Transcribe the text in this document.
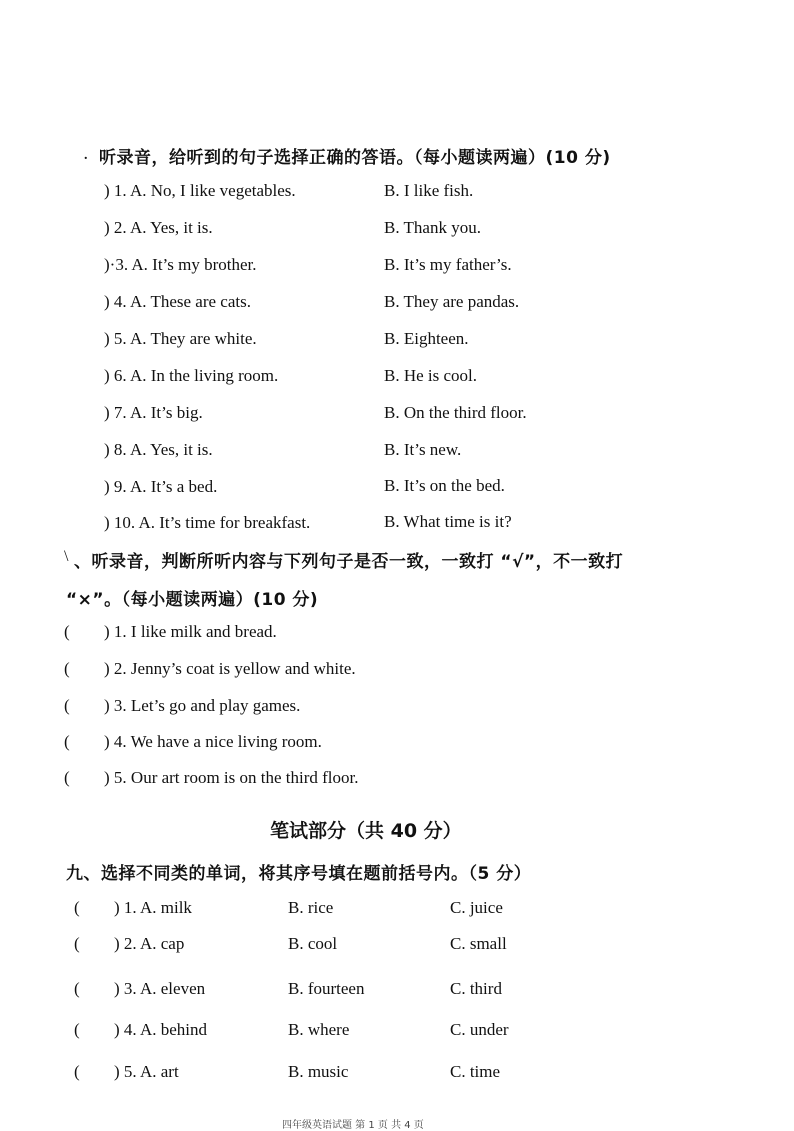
. 听录音，给听到的句子选择正确的答语。（每小题读两遍）(10 分)
) 1. A. No, I like vegetables.	B. I like fish.
) 2. A. Yes, it is.	B. Thank you.
)·3. A. It’s my brother.	B. It’s my father’s.
) 4. A. These are cats.	B. They are pandas.
) 5. A. They are white.	B. Eighteen.
) 6. A. In the living room.	B. He is cool.
) 7. A. It’s big.	B. On the third floor.
) 8. A. Yes, it is.	B. It’s new.
) 9. A. It’s a bed.	B. It’s on the bed.
) 10. A. It’s time for breakfast.	B. What time is it?
\ 、听录音，判断所听内容与下列句子是否一致，一致打 “√”，不一致打
“×”。（每小题读两遍）(10 分)
( ) 1. I like milk and bread.
( ) 2. Jenny’s coat is yellow and white.
( ) 3. Let’s go and play games.
( ) 4. We have a nice living room.
( ) 5. Our art room is on the third floor.
笔试部分（共 40 分）
九、选择不同类的单词，将其序号填在题前括号内。（5 分）
( ) 1. A. milk	B. rice	C. juice
( ) 2. A. cap	B. cool	C. small
( ) 3. A. eleven	B. fourteen	C. third
( ) 4. A. behind	B. where	C. under
( ) 5. A. art	B. music	C. time
四年级英语试题 第 1 页 共 4 页
